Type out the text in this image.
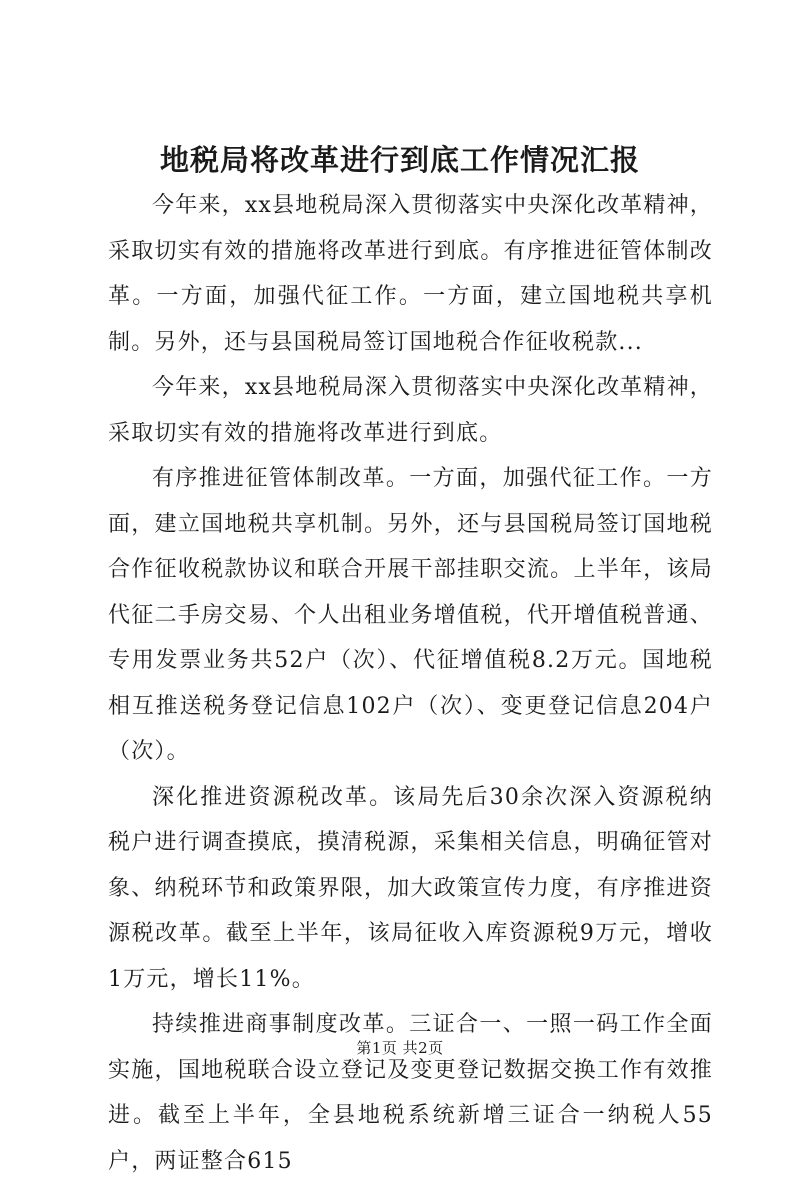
地税局将改革进行到底工作情况汇报

今年来，xx县地税局深入贯彻落实中央深化改革精神，采取切实有效的措施将改革进行到底。有序推进征管体制改革。一方面，加强代征工作。一方面，建立国地税共享机制。另外，还与县国税局签订国地税合作征收税款...

今年来，xx县地税局深入贯彻落实中央深化改革精神，采取切实有效的措施将改革进行到底。

有序推进征管体制改革。一方面，加强代征工作。一方面，建立国地税共享机制。另外，还与县国税局签订国地税合作征收税款协议和联合开展干部挂职交流。上半年，该局代征二手房交易、个人出租业务增值税，代开增值税普通、专用发票业务共52户（次）、代征增值税8.2万元。国地税相互推送税务登记信息102户（次）、变更登记信息204户（次）。

深化推进资源税改革。该局先后30余次深入资源税纳税户进行调查摸底，摸清税源，采集相关信息，明确征管对象、纳税环节和政策界限，加大政策宣传力度，有序推进资源税改革。截至上半年，该局征收入库资源税9万元，增收1万元，增长11%。

持续推进商事制度改革。三证合一、一照一码工作全面实施，国地税联合设立登记及变更登记数据交换工作有效推进。截至上半年，全县地税系统新增三证合一纳税人55户，两证整合615

第1页 共2页
